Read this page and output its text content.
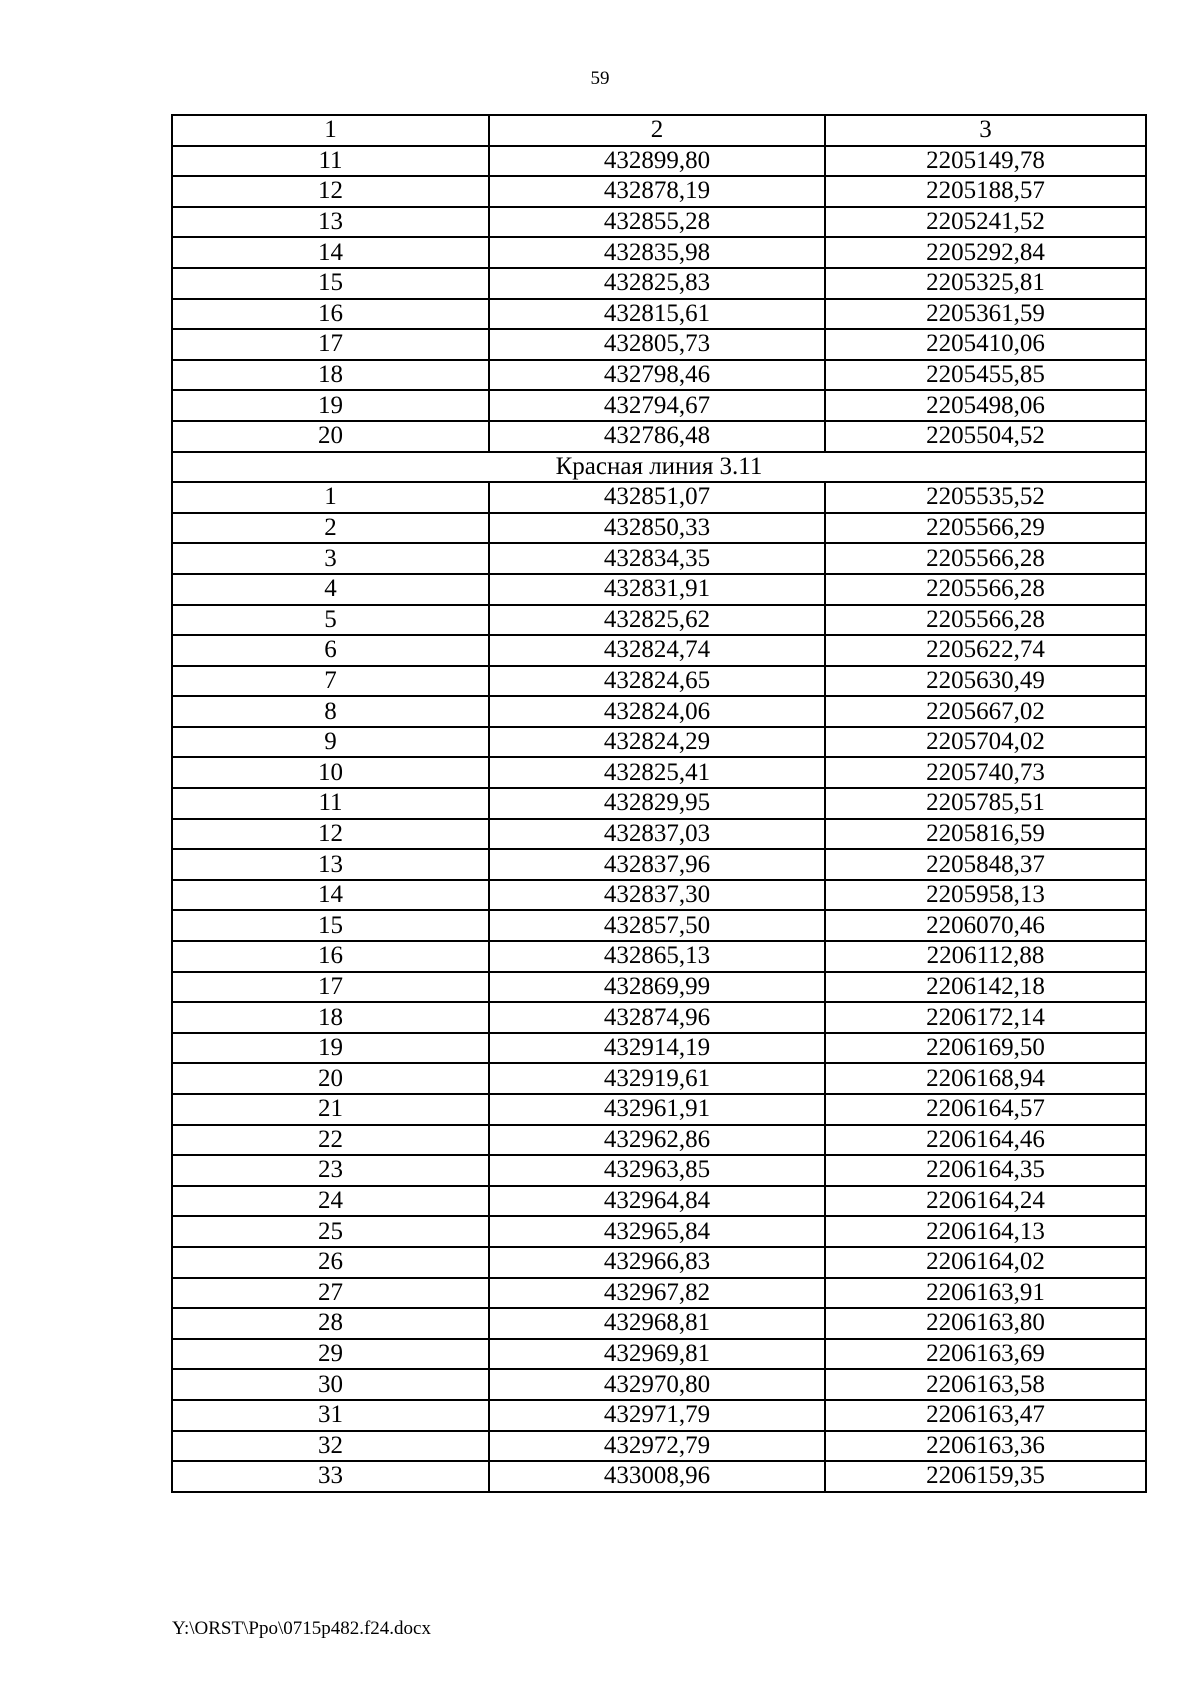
59
1	2	3
11	432899,80	2205149,78
12	432878,19	2205188,57
13	432855,28	2205241,52
14	432835,98	2205292,84
15	432825,83	2205325,81
16	432815,61	2205361,59
17	432805,73	2205410,06
18	432798,46	2205455,85
19	432794,67	2205498,06
20	432786,48	2205504,52
Красная линия 3.11		
1	432851,07	2205535,52
2	432850,33	2205566,29
3	432834,35	2205566,28
4	432831,91	2205566,28
5	432825,62	2205566,28
6	432824,74	2205622,74
7	432824,65	2205630,49
8	432824,06	2205667,02
9	432824,29	2205704,02
10	432825,41	2205740,73
11	432829,95	2205785,51
12	432837,03	2205816,59
13	432837,96	2205848,37
14	432837,30	2205958,13
15	432857,50	2206070,46
16	432865,13	2206112,88
17	432869,99	2206142,18
18	432874,96	2206172,14
19	432914,19	2206169,50
20	432919,61	2206168,94
21	432961,91	2206164,57
22	432962,86	2206164,46
23	432963,85	2206164,35
24	432964,84	2206164,24
25	432965,84	2206164,13
26	432966,83	2206164,02
27	432967,82	2206163,91
28	432968,81	2206163,80
29	432969,81	2206163,69
30	432970,80	2206163,58
31	432971,79	2206163,47
32	432972,79	2206163,36
33	433008,96	2206159,35
Y:\ORST\Ppo\0715p482.f24.docx
